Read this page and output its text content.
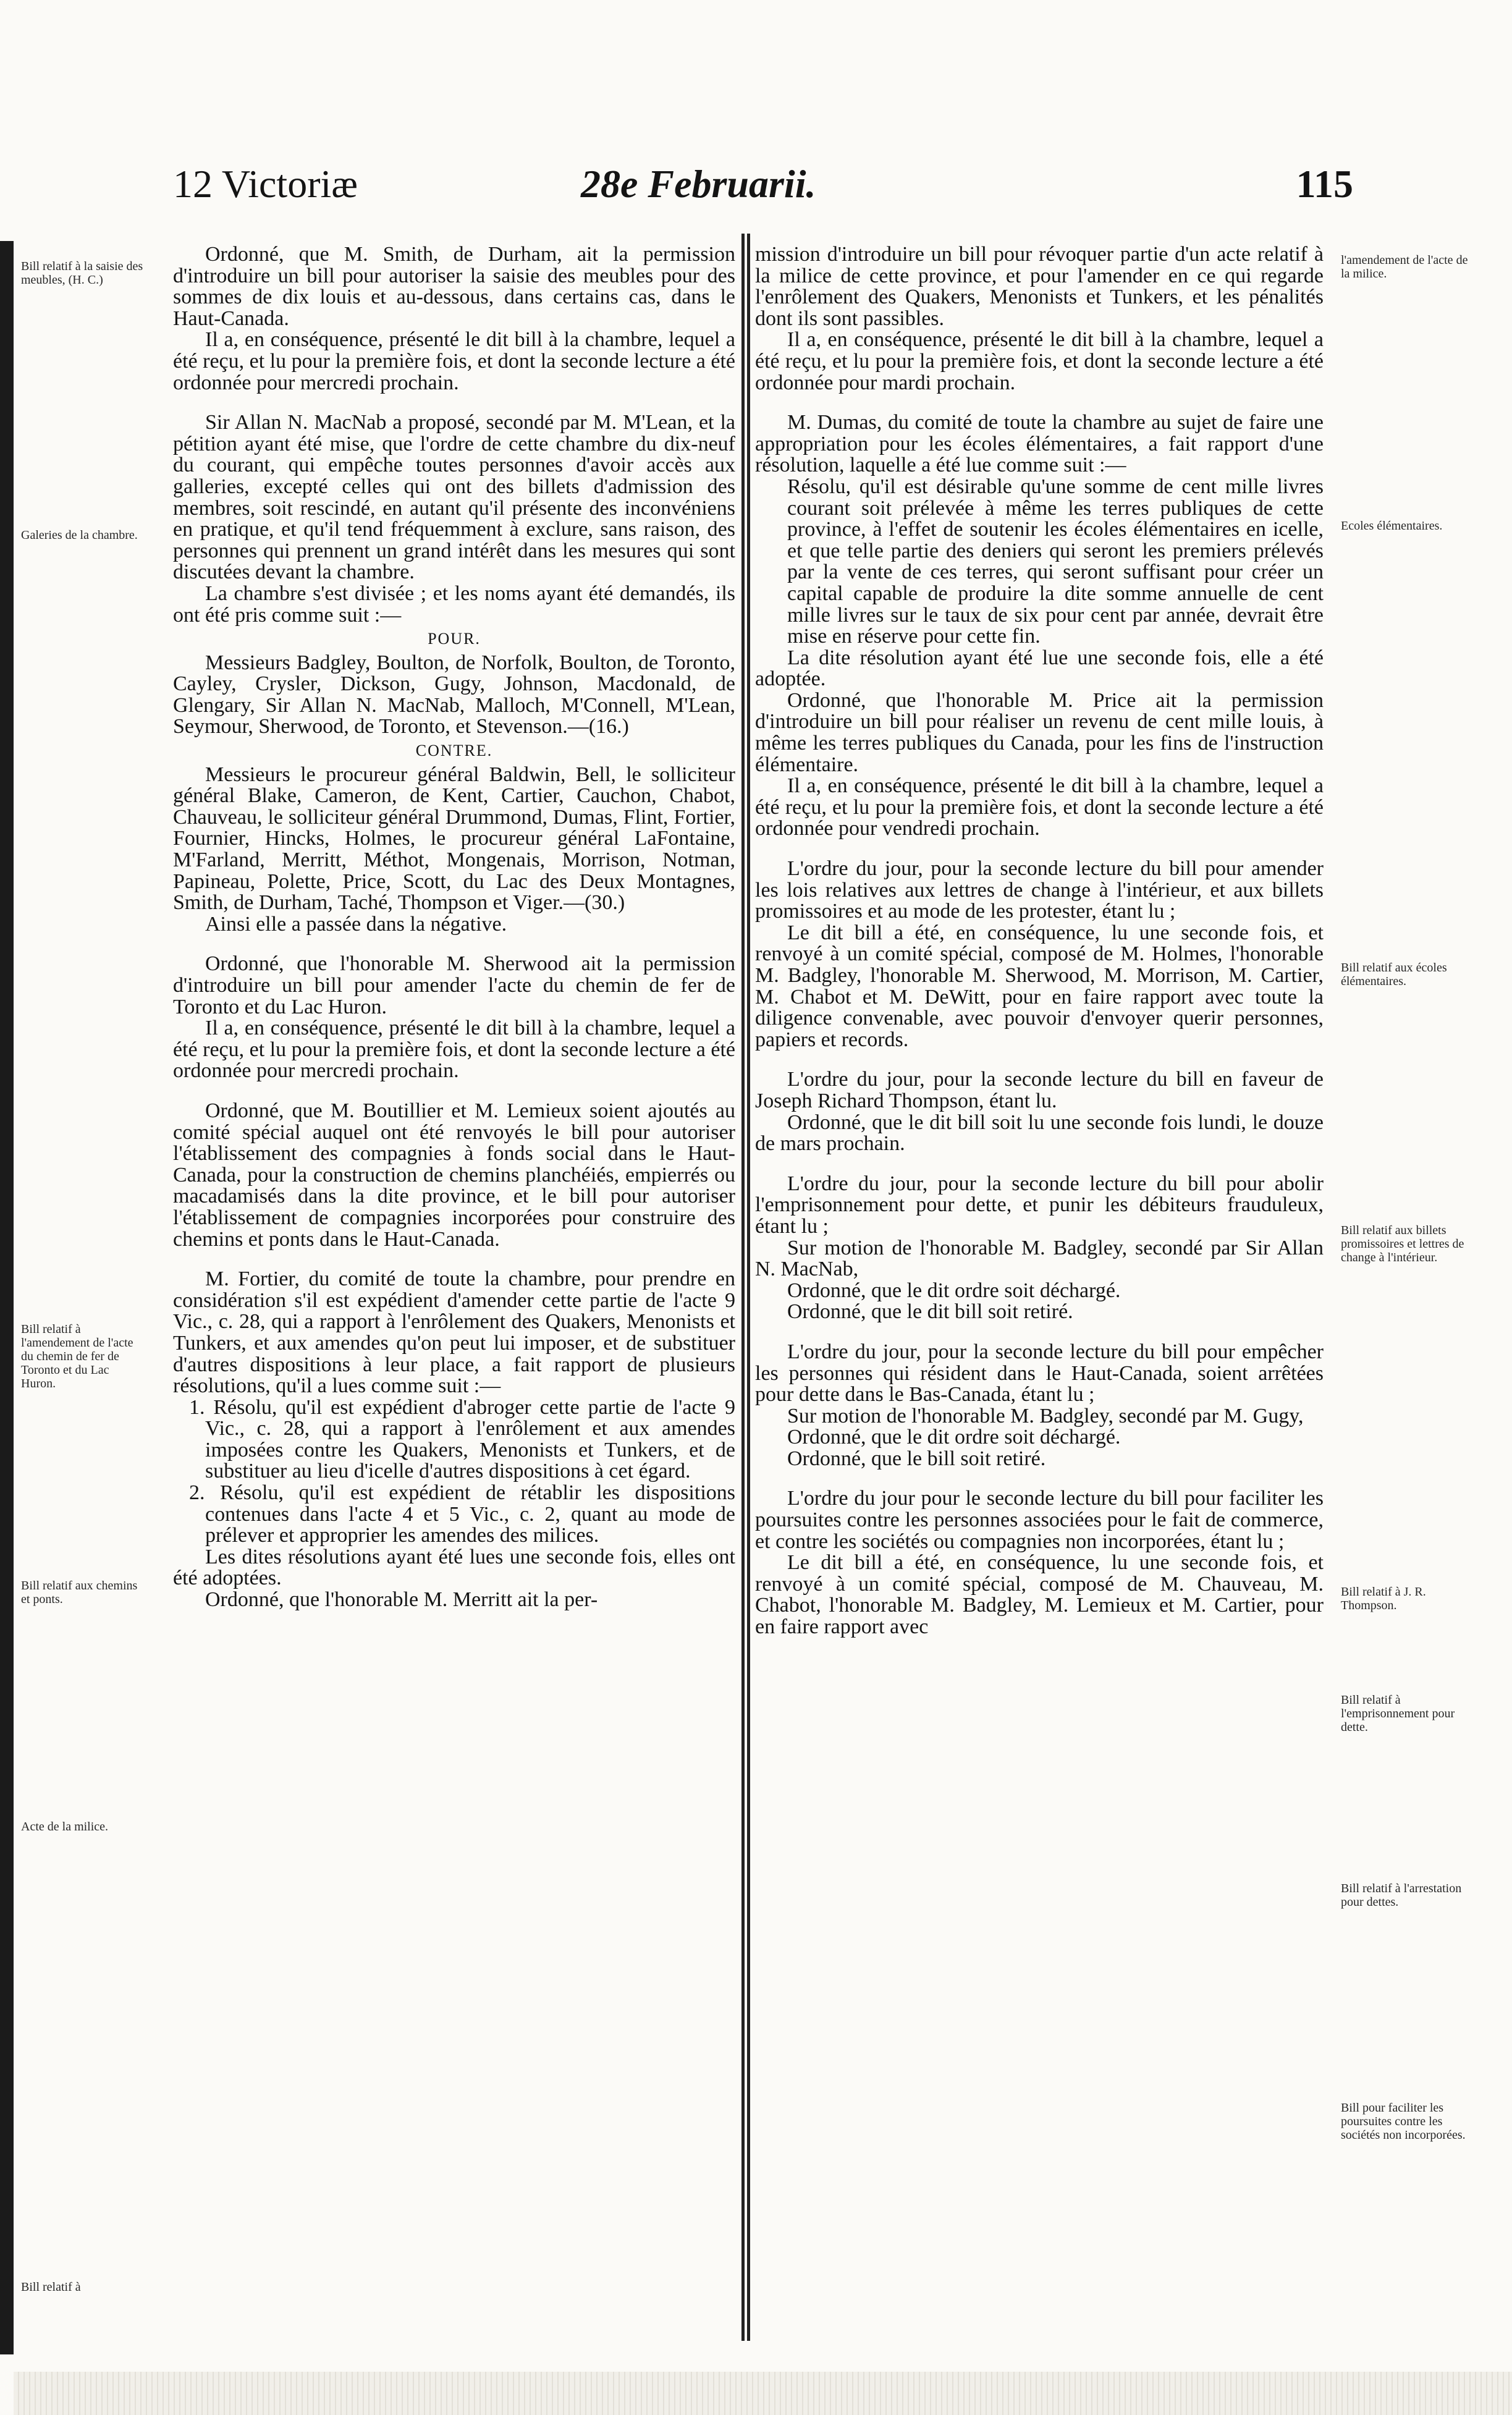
12 Victoriæ	28e Februarii.	115
Bill relatif à la saisie des meubles, (H. C.)
Galeries de la chambre.
Bill relatif à l'amendement de l'acte du chemin de fer de Toronto et du Lac Huron.
Bill relatif aux chemins et ponts.
Acte de la milice.
Bill relatif à
l'amendement de l'acte de la milice.
Ecoles élémentaires.
Bill relatif aux écoles élémentaires.
Bill relatif aux billets promissoires et lettres de change à l'intérieur.
Bill relatif à J. R. Thompson.
Bill relatif à l'emprisonnement pour dette.
Bill relatif à l'arrestation pour dettes.
Bill pour faciliter les poursuites contre les sociétés non incorporées.

Ordonné, que M. Smith, de Durham, ait la permission d'introduire un bill pour autoriser la saisie des meubles pour des sommes de dix louis et au-dessous, dans certains cas, dans le Haut-Canada.

Il a, en conséquence, présenté le dit bill à la chambre, lequel a été reçu, et lu pour la première fois, et dont la seconde lecture a été ordonnée pour mercredi prochain.

Sir Allan N. MacNab a proposé, secondé par M. M'Lean, et la pétition ayant été mise, que l'ordre de cette chambre du dix-neuf du courant, qui empêche toutes personnes d'avoir accès aux galleries, excepté celles qui ont des billets d'admission des membres, soit rescindé, en autant qu'il présente des inconvéniens en pratique, et qu'il tend fréquemment à exclure, sans raison, des personnes qui prennent un grand intérêt dans les mesures qui sont discutées devant la chambre.

La chambre s'est divisée ; et les noms ayant été demandés, ils ont été pris comme suit :—

POUR.

Messieurs Badgley, Boulton, de Norfolk, Boulton, de Toronto, Cayley, Crysler, Dickson, Gugy, Johnson, Macdonald, de Glengary, Sir Allan N. MacNab, Malloch, M'Connell, M'Lean, Seymour, Sherwood, de Toronto, et Stevenson.—(16.)

CONTRE.

Messieurs le procureur général Baldwin, Bell, le solliciteur général Blake, Cameron, de Kent, Cartier, Cauchon, Chabot, Chauveau, le solliciteur général Drummond, Dumas, Flint, Fortier, Fournier, Hincks, Holmes, le procureur général LaFontaine, M'Farland, Merritt, Méthot, Mongenais, Morrison, Notman, Papineau, Polette, Price, Scott, du Lac des Deux Montagnes, Smith, de Durham, Taché, Thompson et Viger.—(30.)

Ainsi elle a passée dans la négative.

Ordonné, que l'honorable M. Sherwood ait la permission d'introduire un bill pour amender l'acte du chemin de fer de Toronto et du Lac Huron.

Il a, en conséquence, présenté le dit bill à la chambre, lequel a été reçu, et lu pour la première fois, et dont la seconde lecture a été ordonnée pour mercredi prochain.

Ordonné, que M. Boutillier et M. Lemieux soient ajoutés au comité spécial auquel ont été renvoyés le bill pour autoriser l'établissement des compagnies à fonds social dans le Haut-Canada, pour la construction de chemins planchéiés, empierrés ou macadamisés dans la dite province, et le bill pour autoriser l'établissement de compagnies incorporées pour construire des chemins et ponts dans le Haut-Canada.

M. Fortier, du comité de toute la chambre, pour prendre en considération s'il est expédient d'amender cette partie de l'acte 9 Vic., c. 28, qui a rapport à l'enrôlement des Quakers, Menonists et Tunkers, et aux amendes qu'on peut lui imposer, et de substituer d'autres dispositions à leur place, a fait rapport de plusieurs résolutions, qu'il a lues comme suit :—

1. Résolu, qu'il est expédient d'abroger cette partie de l'acte 9 Vic., c. 28, qui a rapport à l'enrôlement et aux amendes imposées contre les Quakers, Menonists et Tunkers, et de substituer au lieu d'icelle d'autres dispositions à cet égard.

2. Résolu, qu'il est expédient de rétablir les dispositions contenues dans l'acte 4 et 5 Vic., c. 2, quant au mode de prélever et approprier les amendes des milices.

Les dites résolutions ayant été lues une seconde fois, elles ont été adoptées.

Ordonné, que l'honorable M. Merritt ait la per-

mission d'introduire un bill pour révoquer partie d'un acte relatif à la milice de cette province, et pour l'amender en ce qui regarde l'enrôlement des Quakers, Menonists et Tunkers, et les pénalités dont ils sont passibles.

Il a, en conséquence, présenté le dit bill à la chambre, lequel a été reçu, et lu pour la première fois, et dont la seconde lecture a été ordonnée pour mardi prochain.

M. Dumas, du comité de toute la chambre au sujet de faire une appropriation pour les écoles élémentaires, a fait rapport d'une résolution, laquelle a été lue comme suit :—

Résolu, qu'il est désirable qu'une somme de cent mille livres courant soit prélevée à même les terres publiques de cette province, à l'effet de soutenir les écoles élémentaires en icelle, et que telle partie des deniers qui seront les premiers prélevés par la vente de ces terres, qui seront suffisant pour créer un capital capable de produire la dite somme annuelle de cent mille livres sur le taux de six pour cent par année, devrait être mise en réserve pour cette fin.

La dite résolution ayant été lue une seconde fois, elle a été adoptée.

Ordonné, que l'honorable M. Price ait la permission d'introduire un bill pour réaliser un revenu de cent mille louis, à même les terres publiques du Canada, pour les fins de l'instruction élémentaire.

Il a, en conséquence, présenté le dit bill à la chambre, lequel a été reçu, et lu pour la première fois, et dont la seconde lecture a été ordonnée pour vendredi prochain.

L'ordre du jour, pour la seconde lecture du bill pour amender les lois relatives aux lettres de change à l'intérieur, et aux billets promissoires et au mode de les protester, étant lu ;

Le dit bill a été, en conséquence, lu une seconde fois, et renvoyé à un comité spécial, composé de M. Holmes, l'honorable M. Badgley, l'honorable M. Sherwood, M. Morrison, M. Cartier, M. Chabot et M. DeWitt, pour en faire rapport avec toute la diligence convenable, avec pouvoir d'envoyer querir personnes, papiers et records.

L'ordre du jour, pour la seconde lecture du bill en faveur de Joseph Richard Thompson, étant lu.

Ordonné, que le dit bill soit lu une seconde fois lundi, le douze de mars prochain.

L'ordre du jour, pour la seconde lecture du bill pour abolir l'emprisonnement pour dette, et punir les débiteurs frauduleux, étant lu ;

Sur motion de l'honorable M. Badgley, secondé par Sir Allan N. MacNab,

Ordonné, que le dit ordre soit déchargé.

Ordonné, que le dit bill soit retiré.

L'ordre du jour, pour la seconde lecture du bill pour empêcher les personnes qui résident dans le Haut-Canada, soient arrêtées pour dette dans le Bas-Canada, étant lu ;

Sur motion de l'honorable M. Badgley, secondé par M. Gugy,

Ordonné, que le dit ordre soit déchargé.

Ordonné, que le bill soit retiré.

L'ordre du jour pour le seconde lecture du bill pour faciliter les poursuites contre les personnes associées pour le fait de commerce, et contre les sociétés ou compagnies non incorporées, étant lu ;

Le dit bill a été, en conséquence, lu une seconde fois, et renvoyé à un comité spécial, composé de M. Chauveau, M. Chabot, l'honorable M. Badgley, M. Lemieux et M. Cartier, pour en faire rapport avec
